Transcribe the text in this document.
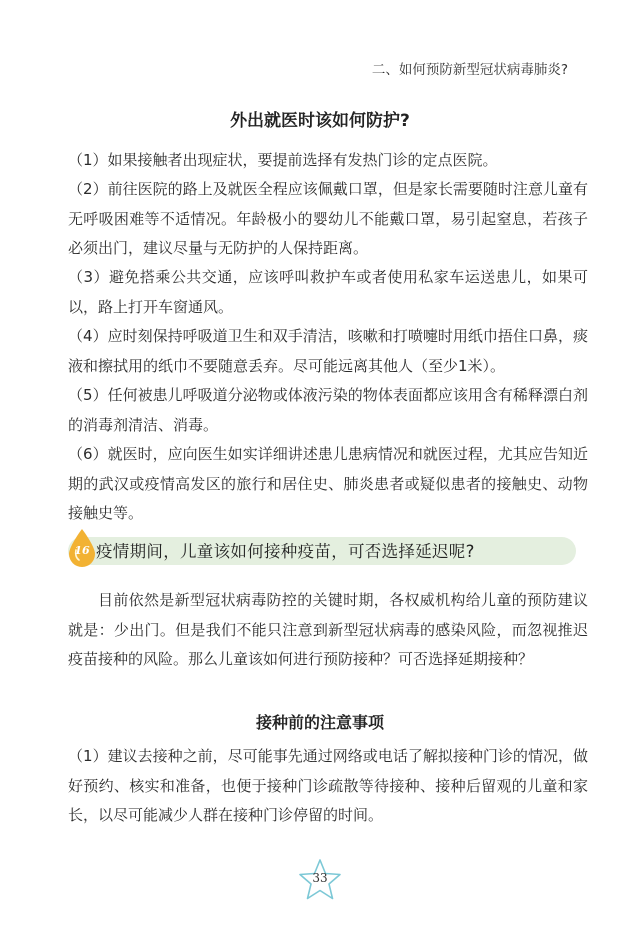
二、如何预防新型冠状病毒肺炎?
外出就医时该如何防护?

（1）如果接触者出现症状，要提前选择有发热门诊的定点医院。

（2）前往医院的路上及就医全程应该佩戴口罩，但是家长需要随时注意儿童有无呼吸困难等不适情况。年龄极小的婴幼儿不能戴口罩，易引起窒息，若孩子必须出门，建议尽量与无防护的人保持距离。

（3）避免搭乘公共交通，应该呼叫救护车或者使用私家车运送患儿，如果可以，路上打开车窗通风。

（4）应时刻保持呼吸道卫生和双手清洁，咳嗽和打喷嚏时用纸巾捂住口鼻，痰液和擦拭用的纸巾不要随意丢弃。尽可能远离其他人（至少1米）。

（5）任何被患儿呼吸道分泌物或体液污染的物体表面都应该用含有稀释漂白剂的消毒剂清洁、消毒。

（6）就医时，应向医生如实详细讲述患儿患病情况和就医过程，尤其应告知近期的武汉或疫情高发区的旅行和居住史、肺炎患者或疑似患者的接触史、动物接触史等。

16 疫情期间，儿童该如何接种疫苗，可否选择延迟呢?

目前依然是新型冠状病毒防控的关键时期，各权威机构给儿童的预防建议就是：少出门。但是我们不能只注意到新型冠状病毒的感染风险，而忽视推迟疫苗接种的风险。那么儿童该如何进行预防接种？可否选择延期接种？

接种前的注意事项

（1）建议去接种之前，尽可能事先通过网络或电话了解拟接种门诊的情况，做好预约、核实和准备，也便于接种门诊疏散等待接种、接种后留观的儿童和家长，以尽可能减少人群在接种门诊停留的时间。

33
